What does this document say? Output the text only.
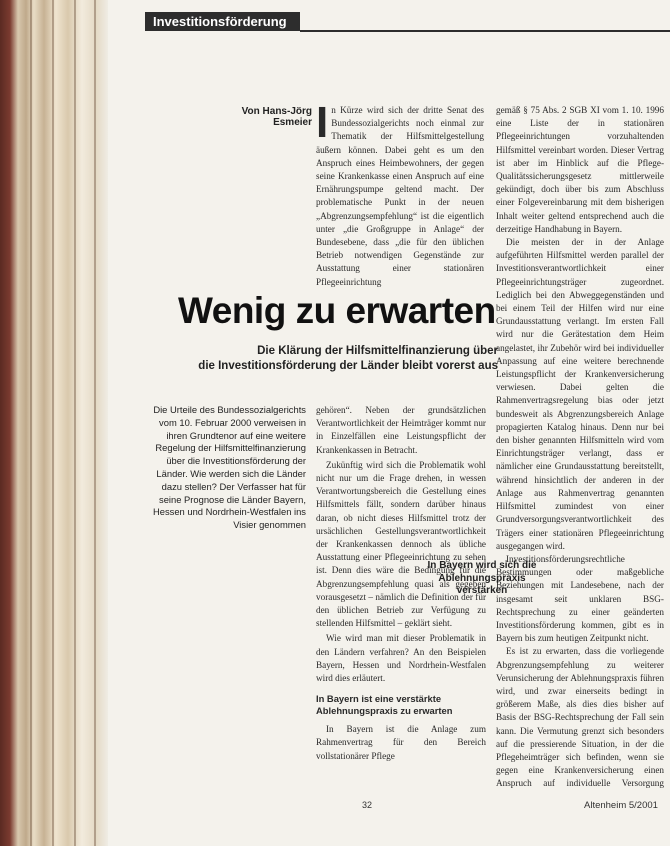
Investitionsförderung
Von Hans-Jörg Esmeier In Kürze wird sich der dritte Senat des Bundessozialgerichts noch einmal zur Thematik der Hilfsmittelgestellung äußern können. Dabei geht es um den Anspruch eines Heimbewohners, der gegen seine Krankenkasse einen Anspruch auf eine Ernährungspumpe geltend macht. Der problematische Punkt in der neuen „Abgrenzungsempfehlung“ ist die eigentlich unter „die Großgruppe in Anlage“ der Bundesebene, dass „die für den üblichen Betrieb notwendigen Gegenstände zur Ausstattung einer stationären Pflegeeinrichtung

Wenig zu erwarten
Die Klärung der Hilfsmittelfinanzierung über
die Investitionsförderung der Länder bleibt vorerst aus
Die Urteile des Bundessozialgerichts vom 10. Februar 2000 verweisen in ihren Grundtenor auf eine weitere Regelung der Hilfsmittelfinanzierung über die Investitionsförderung der Länder. Wie werden sich die Länder dazu stellen? Der Verfasser hat für seine Prognose die Länder Bayern, Hessen und Nordrhein-Westfalen ins Visier genommen

gehören“. Neben der grundsätzlichen Verantwortlichkeit der Heimträger kommt nur in Einzelfällen eine Leistungspflicht der Krankenkassen in Betracht.

Zukünftig wird sich die Problematik wohl nicht nur um die Frage drehen, in wessen Verantwortungsbereich die Gestellung eines Hilfsmittels fällt, sondern darüber hinaus daran, ob nicht dieses Hilfsmittel trotz der ursächlichen Gestellungsverantwortlichkeit der Krankenkassen dennoch als übliche Ausstattung einer Pflegeeinrichtung zu sehen ist. Denn dies wäre die Bedingung für die Abgrenzungsempfehlung quasi als gegeben vorausgesetzt – nämlich die Definition der für den üblichen Betrieb zur Verfügung zu stellenden Hilfsmittel – geklärt sieht.

Wie wird man mit dieser Problematik in den Ländern verfahren? An den Beispielen Bayern, Hessen und Nordrhein-Westfalen wird dies erläutert.

In Bayern ist eine verstärkte Ablehnungspraxis zu erwarten

In Bayern ist die Anlage zum Rahmenvertrag für den Bereich vollstationärer Pflege

In Bayern wird sich die Ablehnungspraxis verstärken

gemäß § 75 Abs. 2 SGB XI vom 1. 10. 1996 eine Liste der in stationären Pflegeeinrichtungen vorzuhaltenden Hilfsmittel vereinbart worden. Dieser Vertrag ist aber im Hinblick auf die Pflege-Qualitätssicherungsgesetz mittlerweile gekündigt, doch über bis zum Abschluss einer Folgevereinbarung mit dem bisherigen Inhalt weiter geltend entsprechend auch die derzeitige Handhabung in Bayern.

Die meisten der in der Anlage aufgeführten Hilfsmittel werden parallel der Investitionsverantwortlichkeit einer Pflegeeinrichtungsträger zugeordnet. Lediglich bei den Abweggegenständen und bei einem Teil der Hilfen wird nur eine Grundausstattung verlangt. Im ersten Fall wird nur die Gerätestation dem Heim angelastet, ihr Zubehör wird bei individueller Anpassung auf eine weitere berechnende Leistungspflicht der Krankenversicherung verwiesen. Dabei gelten die Rahmenvertragsregelung bias oder jetzt bundesweit als Abgrenzungsbereich Anlage propagierten Katalog hinaus. Denn nur bei den bisher genannten Hilfsmitteln wird vom Einrichtungsträger verlangt, dass er nämlicher eine Grundausstattung bereitstellt, während hinsichtlich der anderen in der Anlage aus Rahmenvertrag genannten Hilfsmittel zumindest von einer Grundversorgungsverantwortlichkeit des Trägers einer stationären Pflegeeinrichtung ausgegangen wird.

Investitionsförderungsrechtliche Bestimmungen oder maßgebliche Beziehungen mit Landesebene, nach der insgesamt seit unklaren BSG-Rechtsprechung zu einer geänderten Investitionsförderung kommen, gibt es in Bayern bis zum heutigen Zeitpunkt nicht.

Es ist zu erwarten, dass die vorliegende Abgrenzungsempfehlung zu weiterer Verunsicherung der Ablehnungspraxis führen wird, und zwar einerseits bedingt in größerem Maße, als dies dies bisher auf Basis der BSG-Rechtsprechung der Fall sein kann. Die Vermutung grenzt sich besonders auf die pressierende Situation, in der die Pflegeheimträger sich befinden, wenn sie gegen eine Krankenversicherung einen Anspruch auf individuelle Versorgung

32	Altenheim 5/2001
